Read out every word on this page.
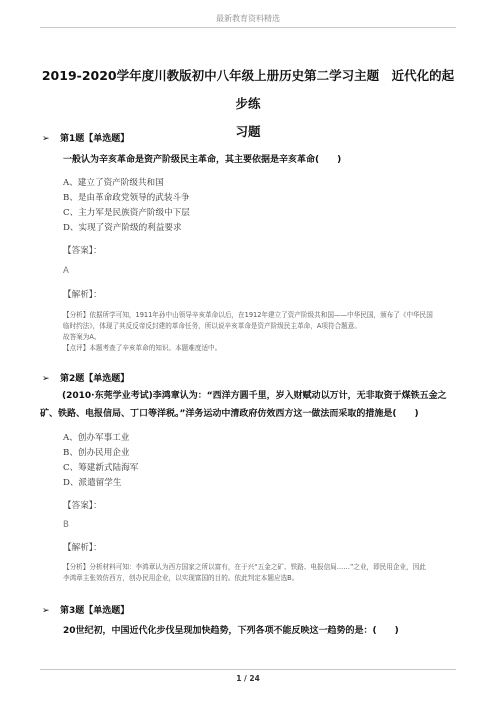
最新教育资料精选
2019-2020学年度川教版初中八年级上册历史第二学习主题　近代化的起步练
习题
➢ 第1题【单选题】
一般认为辛亥革命是资产阶级民主革命，其主要依据是辛亥革命(　　)
A、建立了资产阶级共和国
B、是由革命政党领导的武装斗争
C、主力军是民族资产阶级中下层
D、实现了资产阶级的利益要求
【答案】：
A
【解析】：
【分析】依据所学可知，1911年孙中山领导辛亥革命以后，在1912年建立了资产阶级共和国——中华民国，颁布了《中华民国
临时约法》，体现了其反反帝反封建的革命任务，所以说辛亥革命是资产阶级民主革命，A项符合题意。
故答案为A。
【点评】本题考查了辛亥革命的知识。本题难度适中。
➢ 第2题【单选题】
(2010·东莞学业考试)李鸿章认为：“西洋方圆千里，岁入财赋动以万计，无非取资于煤铁五金之矿、铁路、电报信局、丁口等洋税。”洋务运动中清政府仿效西方这一做法而采取的措施是(　　)
A、创办军事工业
B、创办民用企业
C、筹建新式陆海军
D、派遣留学生
【答案】：
B
【解析】：
【分析】分析材料可知：李鸿章认为西方国家之所以富有，在于兴“五金之矿、铁路、电报信局……”之业，即民用企业，因此
李鸿章主张效仿西方，创办民用企业，以实现富国的目的。依此判定本题应选B。
➢ 第3题【单选题】
20世纪初，中国近代化步伐呈现加快趋势，下列各项不能反映这一趋势的是：(　　)
1 / 24
